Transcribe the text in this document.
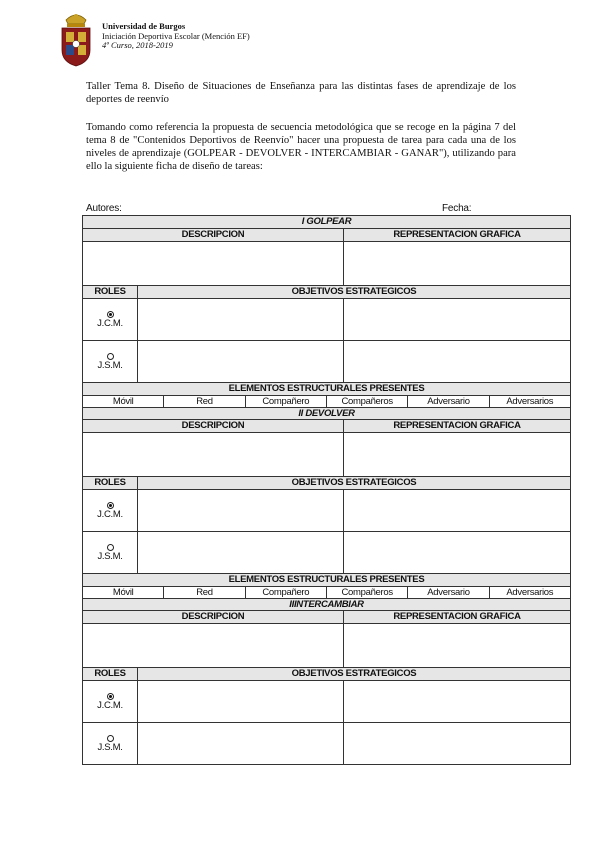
Universidad de Burgos
Iniciación Deportiva Escolar (Mención EF)
4º Curso, 2018-2019

Taller Tema 8. Diseño de Situaciones de Enseñanza para las distintas fases de aprendizaje de los deportes de reenvío

Tomando como referencia la propuesta de secuencia metodológica que se recoge en la página 7 del tema 8 de "Contenidos Deportivos de Reenvío" hacer una propuesta de tarea para cada una de los niveles de aprendizaje (GOLPEAR - DEVOLVER - INTERCAMBIAR - GANAR"), utilizando para ello la siguiente ficha de diseño de tareas:

Autores:	Fecha:
I GOLPEAR
DESCRIPCION	REPRESENTACION GRAFICA
ROLES	OBJETIVOS ESTRATEGICOS
J.C.M.
J.S.M.
ELEMENTOS ESTRUCTURALES PRESENTES
Móvil	Red	Compañero	Compañeros	Adversario	Adversarios
II DEVOLVER
DESCRIPCION	REPRESENTACION GRAFICA
ROLES	OBJETIVOS ESTRATEGICOS
J.C.M.
J.S.M.
ELEMENTOS ESTRUCTURALES PRESENTES
Móvil	Red	Compañero	Compañeros	Adversario	Adversarios
IIINTERCAMBIAR
DESCRIPCION	REPRESENTACION GRAFICA
ROLES	OBJETIVOS ESTRATEGICOS
J.C.M.
J.S.M.
